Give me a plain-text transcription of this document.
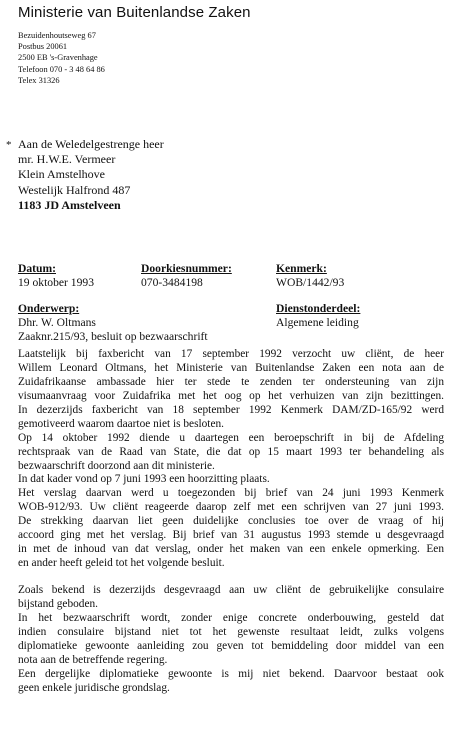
Ministerie van Buitenlandse Zaken
Bezuidenhoutseweg 67
Postbus 20061
2500 EB 's-Gravenhage
Telefoon 070 - 3 48 64 86
Telex 31326
* Aan de Weledelgestrenge heer
mr. H.W.E. Vermeer
Klein Amstelhove
Westelijk Halfrond 487
1183 JD Amstelveen
Datum:
19 oktober 1993
Doorkiesnummer:
070-3484198
Kenmerk:
WOB/1442/93
Onderwerp:
Dhr. W. Oltmans
Zaaknr.215/93, besluit op bezwaarschrift
Dienstonderdeel:
Algemene leiding
Laatstelijk bij faxbericht van 17 september 1992 verzocht uw cliënt, de heer
Willem Leonard Oltmans, het Ministerie van Buitenlandse Zaken een nota aan de
Zuidafrikaanse ambassade hier ter stede te zenden ter ondersteuning van zijn
visumaanvraag voor Zuidafrika met het oog op het verhuizen van zijn bezittingen.
In dezerzijds faxbericht van 18 september 1992 Kenmerk DAM/ZD-165/92 werd
gemotiveerd waarom daartoe niet is besloten.
Op 14 oktober 1992 diende u daartegen een beroepschrift in bij de Afdeling
rechtspraak van de Raad van State, die dat op 15 maart 1993 ter behandeling als
bezwaarschrift doorzond aan dit ministerie.
In dat kader vond op 7 juni 1993 een hoorzitting plaats.
Het verslag daarvan werd u toegezonden bij brief van 24 juni 1993 Kenmerk
WOB-912/93. Uw cliënt reageerde daarop zelf met een schrijven van 27 juni 1993.
De strekking daarvan liet geen duidelijke conclusies toe over de vraag of hij
accoord ging met het verslag. Bij brief van 31 augustus 1993 stemde u desgevraagd
in met de inhoud van dat verslag, onder het maken van een enkele opmerking. Een
en ander heeft geleid tot het volgende besluit.
Zoals bekend is dezerzijds desgevraagd aan uw cliënt de gebruikelijke consulaire
bijstand geboden.
In het bezwaarschrift wordt, zonder enige concrete onderbouwing, gesteld dat
indien consulaire bijstand niet tot het gewenste resultaat leidt, zulks volgens
diplomatieke gewoonte aanleiding zou geven tot bemiddeling door middel van een
nota aan de betreffende regering.
Een dergelijke diplomatieke gewoonte is mij niet bekend. Daarvoor bestaat ook
geen enkele juridische grondslag.
